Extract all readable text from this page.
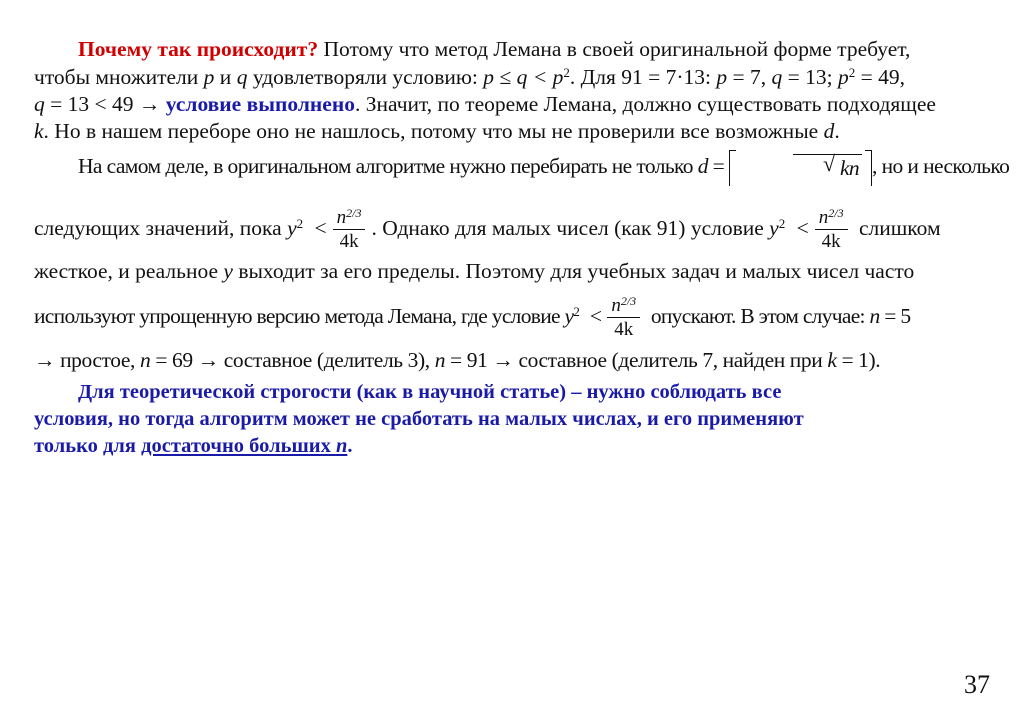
Почему так происходит? Потому что метод Лемана в своей оригинальной форме требует,
чтобы множители p и q удовлетворяли условию: $p \le q < p^2$. Для 91 = 7·13: p = 7, q = 13; $p^2 = 49$,
q = 13 < 49 → условие выполнено. Значит, по теореме Лемана, должно существовать подходящее
k. Но в нашем переборе оно не нашлось, потому что мы не проверили все возможные d.
На самом деле, в оригинальном алгоритме нужно перебирать не только d =	√ kn , но и несколько
следующих значений, пока $y^2 < \frac{n^{2/3}}{4k}$ . Однако для малых чисел (как 91) условие $y^2 < \frac{n^{2/3}}{4k}$ слишком
жесткое, и реальное y выходит за его пределы. Поэтому для учебных задач и малых чисел часто
используют упрощенную версию метода Лемана, где условие $y^2 < \frac{n^{2/3}}{4k}$ опускают. В этом случае: n = 5
→ простое, n = 69 → составное (делитель 3), n = 91 → составное (делитель 7, найден при k = 1).
Для теоретической строгости (как в научной статье) – нужно соблюдать все
условия, но тогда алгоритм может не сработать на малых числах, и его применяют
только для достаточно больших n.
37
